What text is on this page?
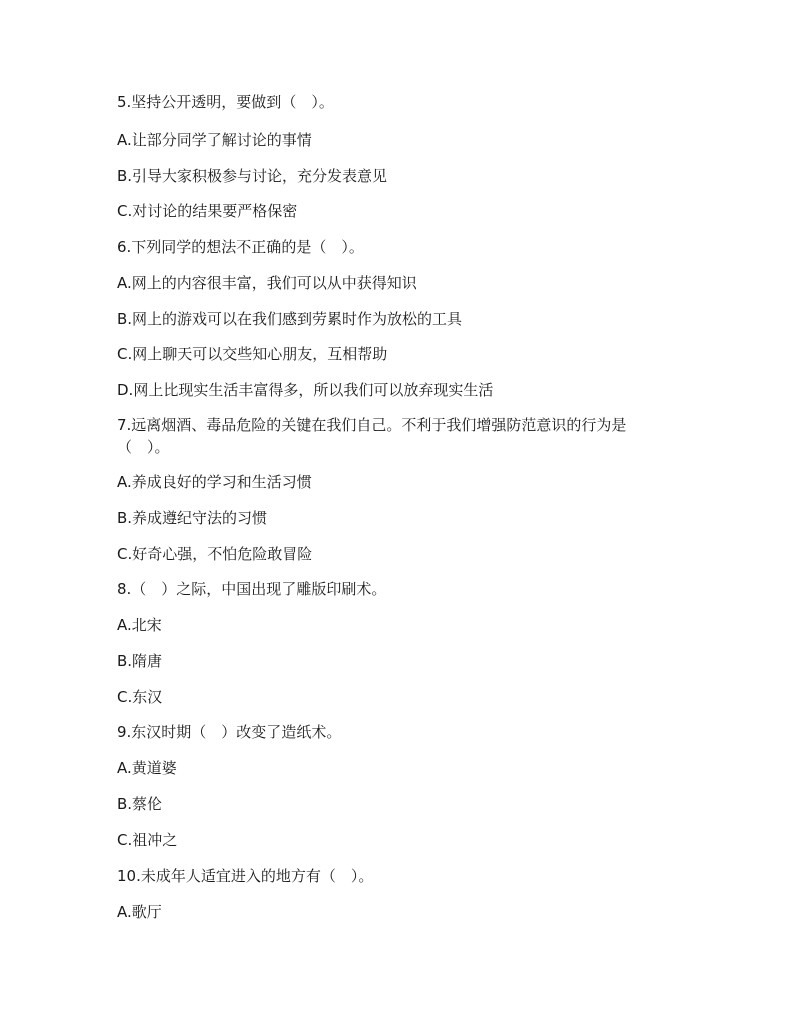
5.坚持公开透明，要做到（　）。
A.让部分同学了解讨论的事情
B.引导大家积极参与讨论，充分发表意见
C.对讨论的结果要严格保密
6.下列同学的想法不正确的是（　）。
A.网上的内容很丰富，我们可以从中获得知识
B.网上的游戏可以在我们感到劳累时作为放松的工具
C.网上聊天可以交些知心朋友，互相帮助
D.网上比现实生活丰富得多，所以我们可以放弃现实生活
7.远离烟酒、毒品危险的关键在我们自己。不利于我们增强防范意识的行为是（　）。
A.养成良好的学习和生活习惯
B.养成遵纪守法的习惯
C.好奇心强，不怕危险敢冒险
8.（　）之际，中国出现了雕版印刷术。
A.北宋
B.隋唐
C.东汉
9.东汉时期（　）改变了造纸术。
A.黄道婆
B.蔡伦
C.祖冲之
10.未成年人适宜进入的地方有（　）。
A.歌厅
